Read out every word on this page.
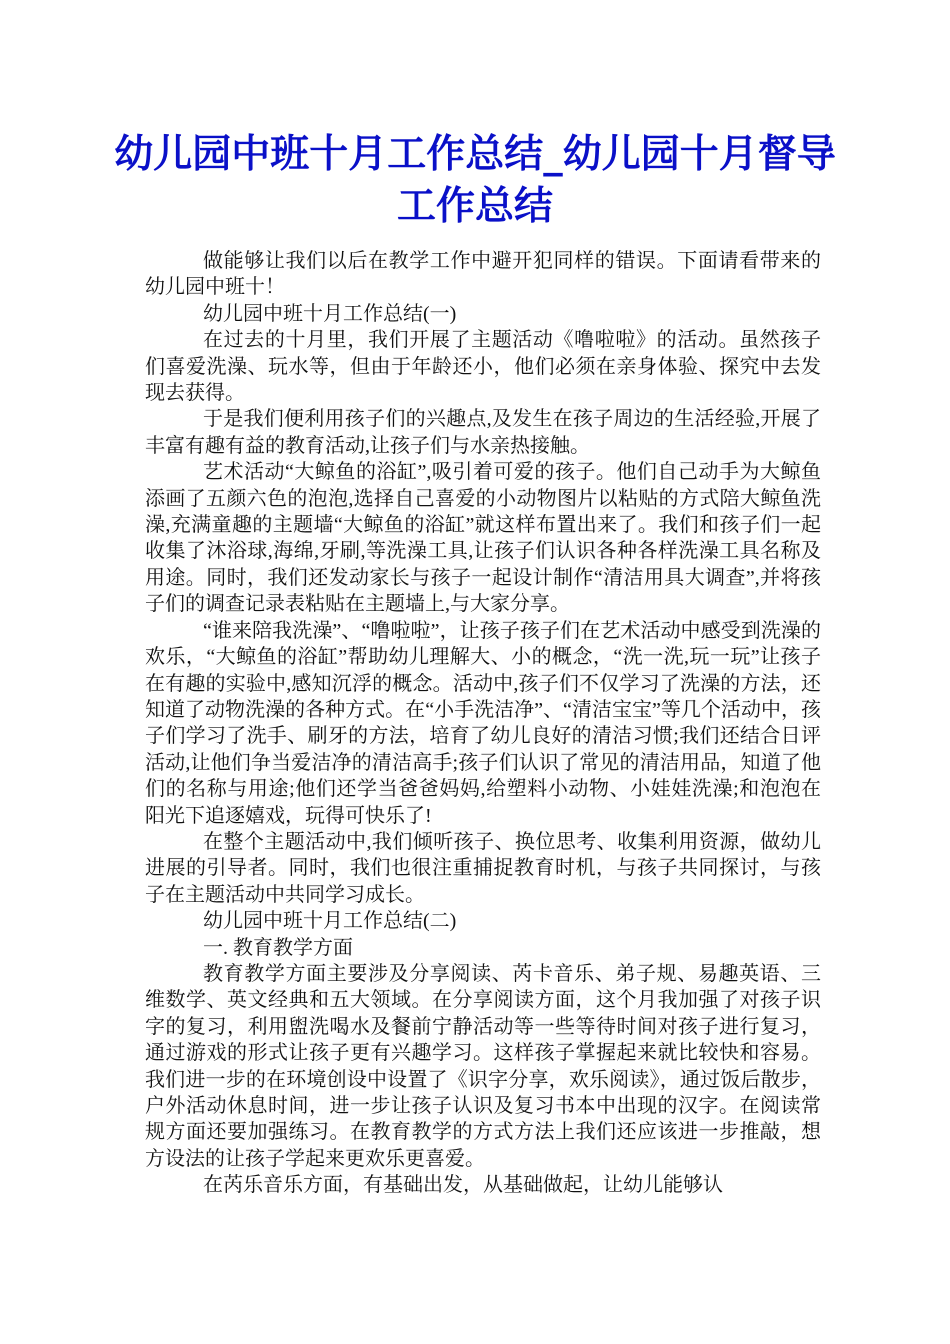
幼儿园中班十月工作总结_幼儿园十月督导工作总结

做能够让我们以后在教学工作中避开犯同样的错误。下面请看带来的幼儿园中班十！

幼儿园中班十月工作总结(一)

在过去的十月里，我们开展了主题活动《噜啦啦》的活动。虽然孩子们喜爱洗澡、玩水等，但由于年龄还小，他们必须在亲身体验、探究中去发现去获得。

于是我们便利用孩子们的兴趣点,及发生在孩子周边的生活经验,开展了丰富有趣有益的教育活动,让孩子们与水亲热接触。

艺术活动“大鲸鱼的浴缸”,吸引着可爱的孩子。他们自己动手为大鲸鱼添画了五颜六色的泡泡,选择自己喜爱的小动物图片以粘贴的方式陪大鲸鱼洗澡,充满童趣的主题墙“大鲸鱼的浴缸”就这样布置出来了。我们和孩子们一起收集了沐浴球,海绵,牙刷,等洗澡工具,让孩子们认识各种各样洗澡工具名称及用途。同时，我们还发动家长与孩子一起设计制作“清洁用具大调查”,并将孩子们的调查记录表粘贴在主题墙上,与大家分享。

“谁来陪我洗澡”、“噜啦啦”，让孩子孩子们在艺术活动中感受到洗澡的欢乐，“大鲸鱼的浴缸”帮助幼儿理解大、小的概念，“洗一洗,玩一玩”让孩子在有趣的实验中,感知沉浮的概念。活动中,孩子们不仅学习了洗澡的方法，还知道了动物洗澡的各种方式。在“小手洗洁净”、“清洁宝宝”等几个活动中，孩子们学习了洗手、刷牙的方法，培育了幼儿良好的清洁习惯;我们还结合日评活动,让他们争当爱洁净的清洁高手;孩子们认识了常见的清洁用品，知道了他们的名称与用途;他们还学当爸爸妈妈,给塑料小动物、小娃娃洗澡;和泡泡在阳光下追逐嬉戏，玩得可快乐了!

在整个主题活动中,我们倾听孩子、换位思考、收集利用资源，做幼儿进展的引导者。同时，我们也很注重捕捉教育时机，与孩子共同探讨，与孩子在主题活动中共同学习成长。

幼儿园中班十月工作总结(二)

一. 教育教学方面

教育教学方面主要涉及分享阅读、芮卡音乐、弟子规、易趣英语、三维数学、英文经典和五大领域。在分享阅读方面，这个月我加强了对孩子识字的复习，利用盥洗喝水及餐前宁静活动等一些等待时间对孩子进行复习，通过游戏的形式让孩子更有兴趣学习。这样孩子掌握起来就比较快和容易。我们进一步的在环境创设中设置了《识字分享，欢乐阅读》，通过饭后散步，户外活动休息时间，进一步让孩子认识及复习书本中出现的汉字。在阅读常规方面还要加强练习。在教育教学的方式方法上我们还应该进一步推敲，想方设法的让孩子学起来更欢乐更喜爱。

在芮乐音乐方面，有基础出发，从基础做起，让幼儿能够认
